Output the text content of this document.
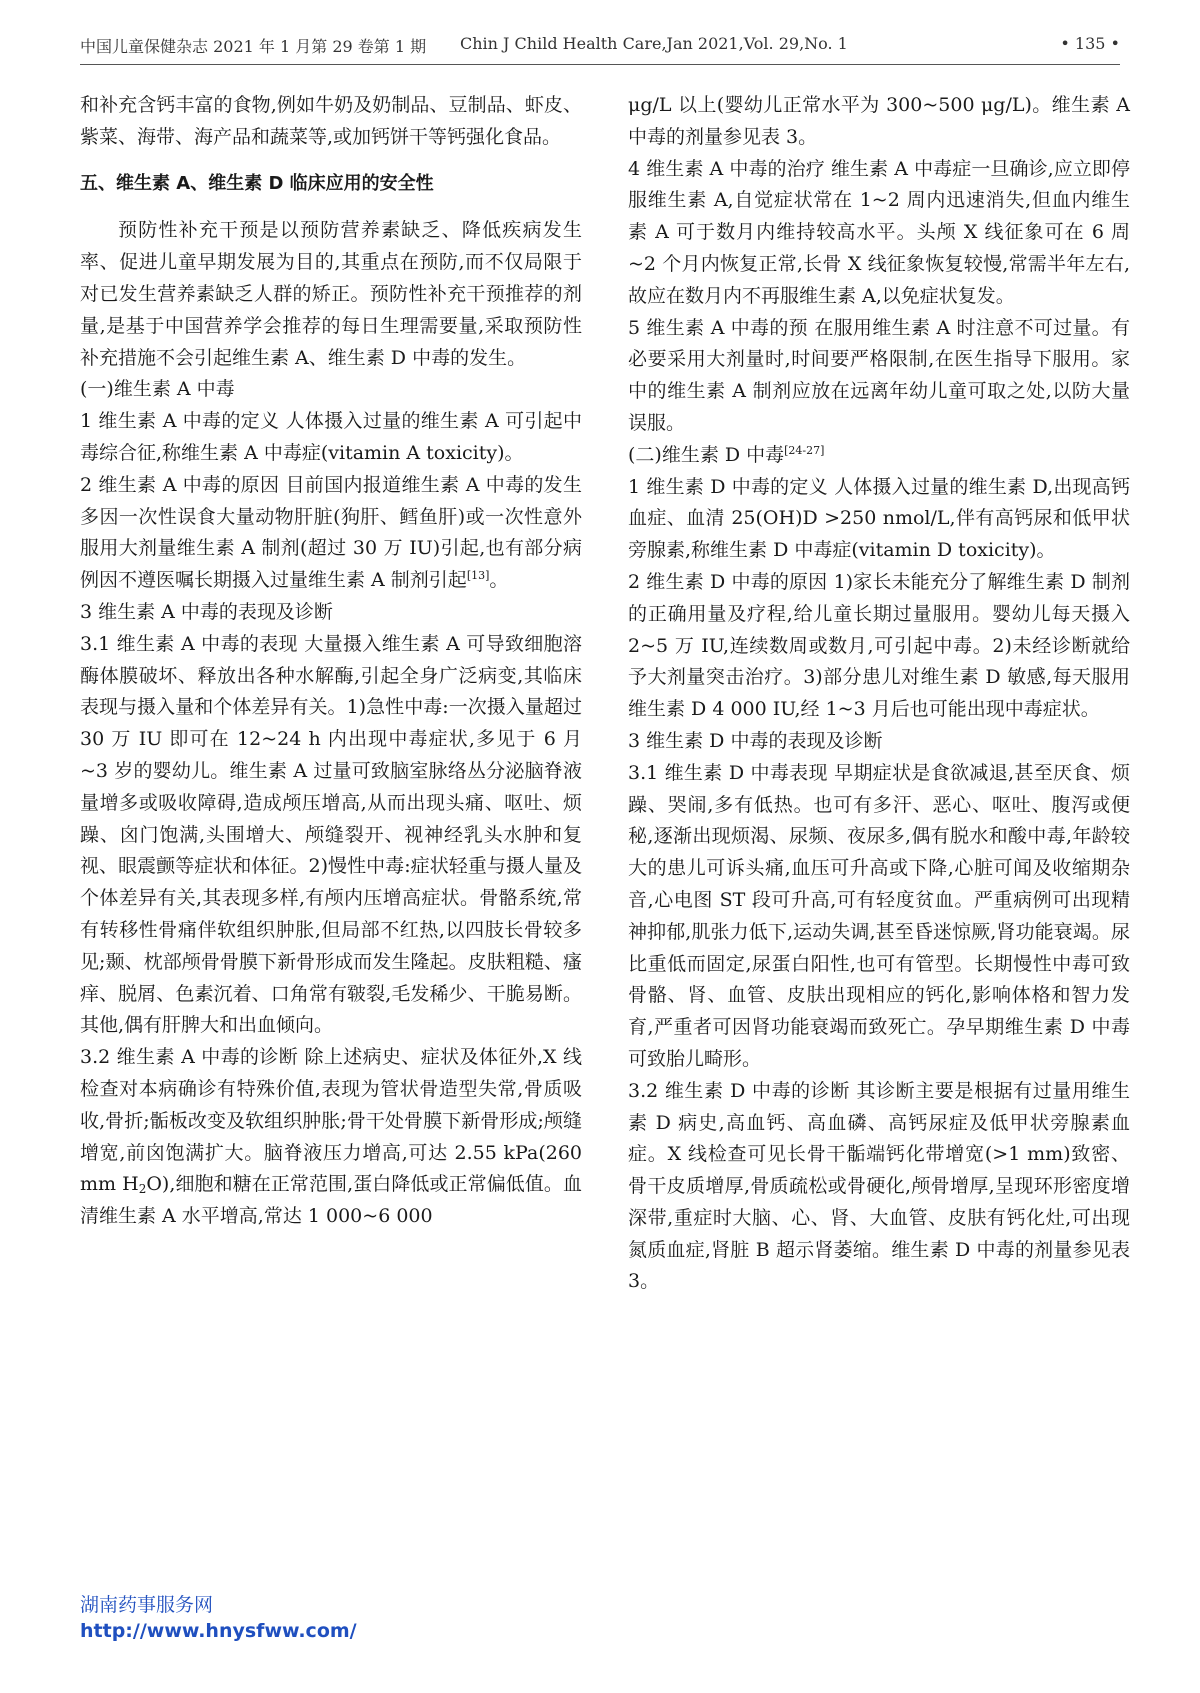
中国儿童保健杂志 2021 年 1 月第 29 卷第 1 期 Chin J Child Health Care,Jan 2021,Vol. 29,No. 1	• 135 •

和补充含钙丰富的食物,例如牛奶及奶制品、豆制品、虾皮、紫菜、海带、海产品和蔬菜等,或加钙饼干等钙强化食品。

五、维生素 A、维生素 D 临床应用的安全性

预防性补充干预是以预防营养素缺乏、降低疾病发生率、促进儿童早期发展为目的,其重点在预防,而不仅局限于对已发生营养素缺乏人群的矫正。预防性补充干预推荐的剂量,是基于中国营养学会推荐的每日生理需要量,采取预防性补充措施不会引起维生素 A、维生素 D 中毒的发生。

(一)维生素 A 中毒

1 维生素 A 中毒的定义 人体摄入过量的维生素 A 可引起中毒综合征,称维生素 A 中毒症(vitamin A toxicity)。

2 维生素 A 中毒的原因 目前国内报道维生素 A 中毒的发生多因一次性误食大量动物肝脏(狗肝、鳕鱼肝)或一次性意外服用大剂量维生素 A 制剂(超过 30 万 IU)引起,也有部分病例因不遵医嘱长期摄入过量维生素 A 制剂引起[13]。

3 维生素 A 中毒的表现及诊断

3.1 维生素 A 中毒的表现 大量摄入维生素 A 可导致细胞溶酶体膜破坏、释放出各种水解酶,引起全身广泛病变,其临床表现与摄入量和个体差异有关。1)急性中毒:一次摄入量超过 30 万 IU 即可在 12~24 h 内出现中毒症状,多见于 6 月~3 岁的婴幼儿。维生素 A 过量可致脑室脉络丛分泌脑脊液量增多或吸收障碍,造成颅压增高,从而出现头痛、呕吐、烦躁、囟门饱满,头围增大、颅缝裂开、视神经乳头水肿和复视、眼震颤等症状和体征。2)慢性中毒:症状轻重与摄人量及个体差异有关,其表现多样,有颅内压增高症状。骨骼系统,常有转移性骨痛伴软组织肿胀,但局部不红热,以四肢长骨较多见;颞、枕部颅骨骨膜下新骨形成而发生隆起。皮肤粗糙、瘙痒、脱屑、色素沉着、口角常有皲裂,毛发稀少、干脆易断。其他,偶有肝脾大和出血倾向。

3.2 维生素 A 中毒的诊断 除上述病史、症状及体征外,X 线检查对本病确诊有特殊价值,表现为管状骨造型失常,骨质吸收,骨折;骺板改变及软组织肿胀;骨干处骨膜下新骨形成;颅缝增宽,前囟饱满扩大。脑脊液压力增高,可达 2.55 kPa(260 mm $H_2O$),细胞和糖在正常范围,蛋白降低或正常偏低值。血清维生素 A 水平增高,常达 1 000~6 000

μg/L 以上(婴幼儿正常水平为 300~500 μg/L)。维生素 A 中毒的剂量参见表 3。

4 维生素 A 中毒的治疗 维生素 A 中毒症一旦确诊,应立即停服维生素 A,自觉症状常在 1~2 周内迅速消失,但血内维生素 A 可于数月内维持较高水平。头颅 X 线征象可在 6 周~2 个月内恢复正常,长骨 X 线征象恢复较慢,常需半年左右,故应在数月内不再服维生素 A,以免症状复发。

5 维生素 A 中毒的预 在服用维生素 A 时注意不可过量。有必要采用大剂量时,时间要严格限制,在医生指导下服用。家中的维生素 A 制剂应放在远离年幼儿童可取之处,以防大量误服。

(二)维生素 D 中毒[24-27]

1 维生素 D 中毒的定义 人体摄入过量的维生素 D,出现高钙血症、血清 25(OH)D >250 nmol/L,伴有高钙尿和低甲状旁腺素,称维生素 D 中毒症(vitamin D toxicity)。

2 维生素 D 中毒的原因 1)家长未能充分了解维生素 D 制剂的正确用量及疗程,给儿童长期过量服用。婴幼儿每天摄入 2~5 万 IU,连续数周或数月,可引起中毒。2)未经诊断就给予大剂量突击治疗。3)部分患儿对维生素 D 敏感,每天服用维生素 D 4 000 IU,经 1~3 月后也可能出现中毒症状。

3 维生素 D 中毒的表现及诊断

3.1 维生素 D 中毒表现 早期症状是食欲减退,甚至厌食、烦躁、哭闹,多有低热。也可有多汗、恶心、呕吐、腹泻或便秘,逐渐出现烦渴、尿频、夜尿多,偶有脱水和酸中毒,年龄较大的患儿可诉头痛,血压可升高或下降,心脏可闻及收缩期杂音,心电图 ST 段可升高,可有轻度贫血。严重病例可出现精神抑郁,肌张力低下,运动失调,甚至昏迷惊厥,肾功能衰竭。尿比重低而固定,尿蛋白阳性,也可有管型。长期慢性中毒可致骨骼、肾、血管、皮肤出现相应的钙化,影响体格和智力发育,严重者可因肾功能衰竭而致死亡。孕早期维生素 D 中毒可致胎儿畸形。

3.2 维生素 D 中毒的诊断 其诊断主要是根据有过量用维生素 D 病史,高血钙、高血磷、高钙尿症及低甲状旁腺素血症。X 线检查可见长骨干骺端钙化带增宽(>1 mm)致密、骨干皮质增厚,骨质疏松或骨硬化,颅骨增厚,呈现环形密度增深带,重症时大脑、心、肾、大血管、皮肤有钙化灶,可出现氮质血症,肾脏 B 超示肾萎缩。维生素 D 中毒的剂量参见表 3。

湖南药事服务网
http://www.hnysfww.com/
